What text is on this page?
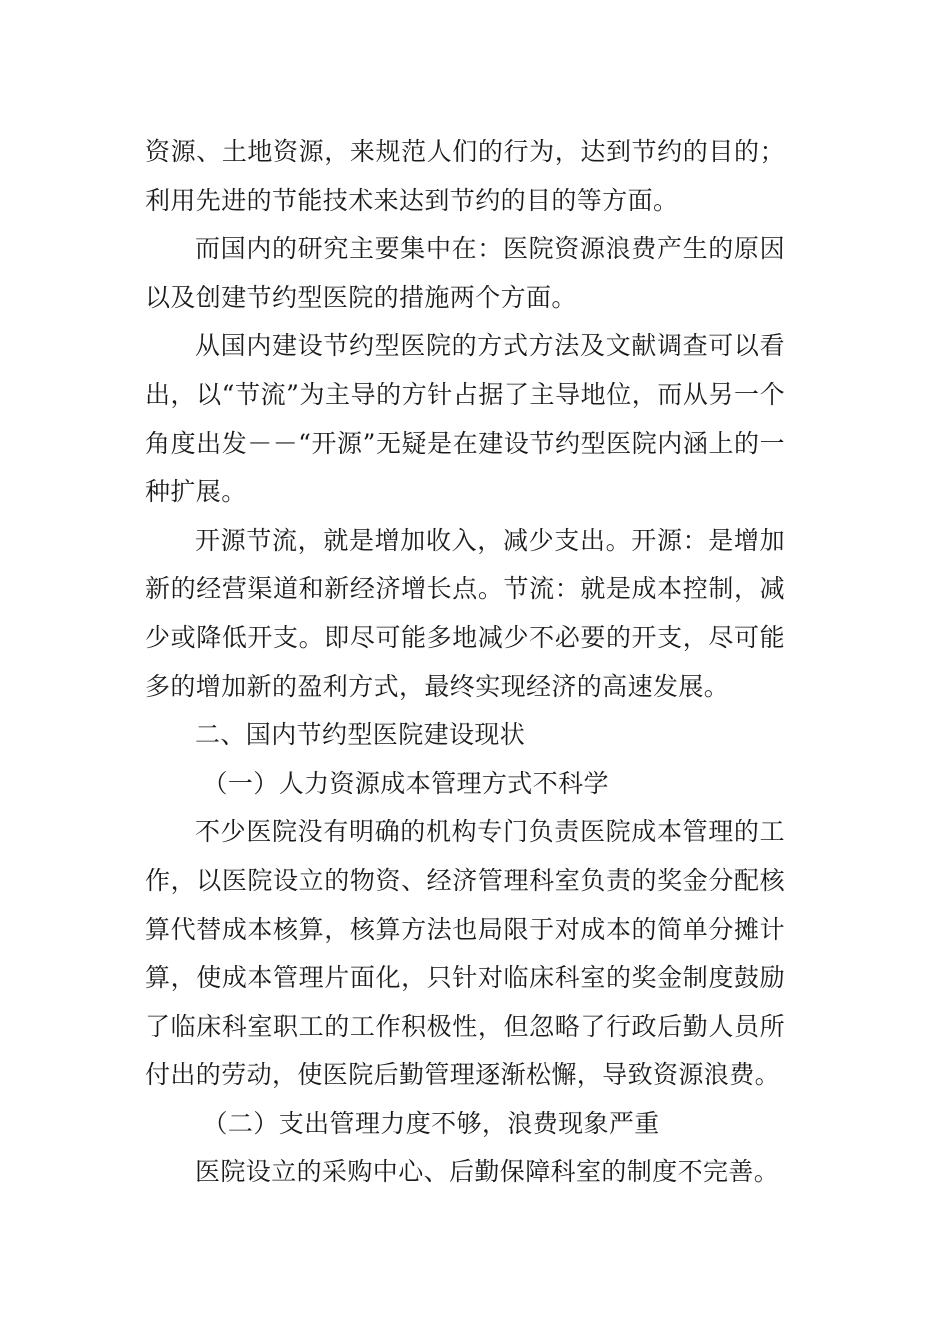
资源、土地资源，来规范人们的行为，达到节约的目的；利用先进的节能技术来达到节约的目的等方面。

而国内的研究主要集中在：医院资源浪费产生的原因以及创建节约型医院的措施两个方面。

从国内建设节约型医院的方式方法及文献调查可以看出，以“节流”为主导的方针占据了主导地位，而从另一个角度出发－－“开源”无疑是在建设节约型医院内涵上的一种扩展。

开源节流，就是增加收入，减少支出。开源：是增加新的经营渠道和新经济增长点。节流：就是成本控制，减少或降低开支。即尽可能多地减少不必要的开支，尽可能多的增加新的盈利方式，最终实现经济的高速发展。

二、国内节约型医院建设现状

（一）人力资源成本管理方式不科学

不少医院没有明确的机构专门负责医院成本管理的工作，以医院设立的物资、经济管理科室负责的奖金分配核算代替成本核算，核算方法也局限于对成本的简单分摊计算，使成本管理片面化，只针对临床科室的奖金制度鼓励了临床科室职工的工作积极性，但忽略了行政后勤人员所付出的劳动，使医院后勤管理逐渐松懈，导致资源浪费。

（二）支出管理力度不够，浪费现象严重

医院设立的采购中心、后勤保障科室的制度不完善。
